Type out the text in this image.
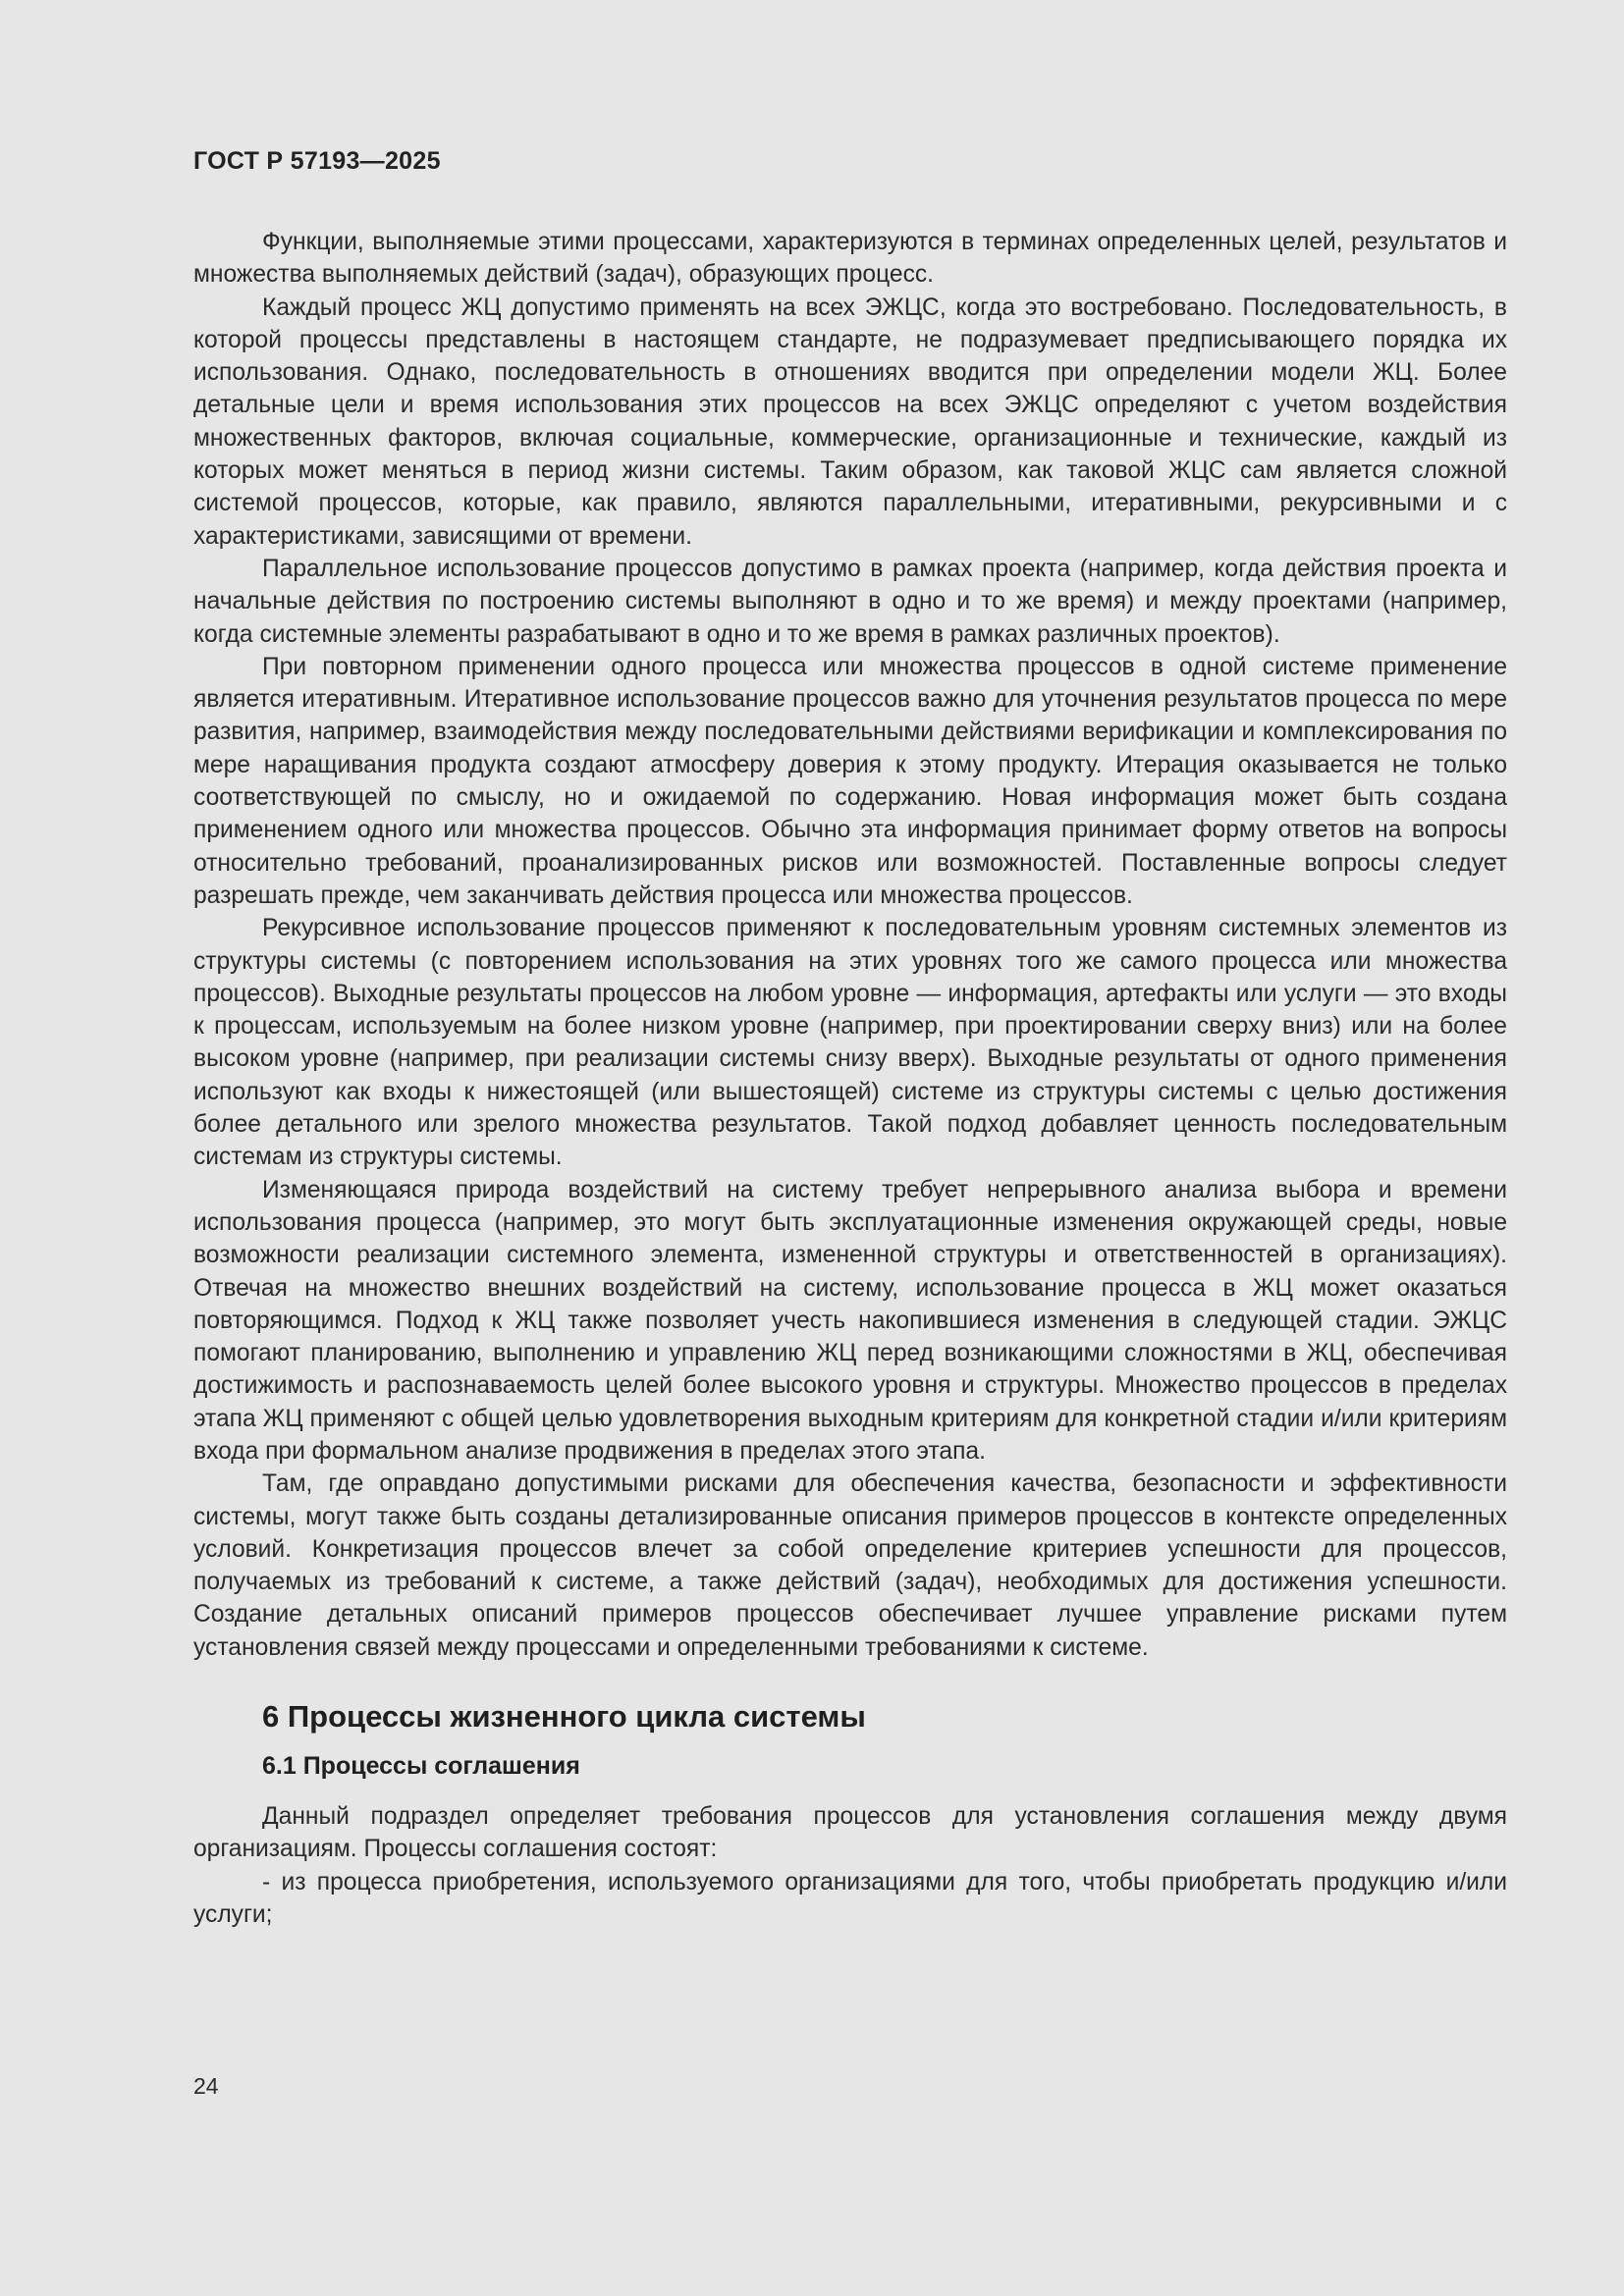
ГОСТ Р 57193—2025

Функции, выполняемые этими процессами, характеризуются в терминах определенных целей, результатов и множества выполняемых действий (задач), образующих процесс.

Каждый процесс ЖЦ допустимо применять на всех ЭЖЦС, когда это востребовано. Последовательность, в которой процессы представлены в настоящем стандарте, не подразумевает предписывающего порядка их использования. Однако, последовательность в отношениях вводится при определении модели ЖЦ. Более детальные цели и время использования этих процессов на всех ЭЖЦС определяют с учетом воздействия множественных факторов, включая социальные, коммерческие, организационные и технические, каждый из которых может меняться в период жизни системы. Таким образом, как таковой ЖЦС сам является сложной системой процессов, которые, как правило, являются параллельными, итеративными, рекурсивными и с характеристиками, зависящими от времени.

Параллельное использование процессов допустимо в рамках проекта (например, когда действия проекта и начальные действия по построению системы выполняют в одно и то же время) и между проектами (например, когда системные элементы разрабатывают в одно и то же время в рамках различных проектов).

При повторном применении одного процесса или множества процессов в одной системе применение является итеративным. Итеративное использование процессов важно для уточнения результатов процесса по мере развития, например, взаимодействия между последовательными действиями верификации и комплексирования по мере наращивания продукта создают атмосферу доверия к этому продукту. Итерация оказывается не только соответствующей по смыслу, но и ожидаемой по содержанию. Новая информация может быть создана применением одного или множества процессов. Обычно эта информация принимает форму ответов на вопросы относительно требований, проанализированных рисков или возможностей. Поставленные вопросы следует разрешать прежде, чем заканчивать действия процесса или множества процессов.

Рекурсивное использование процессов применяют к последовательным уровням системных элементов из структуры системы (с повторением использования на этих уровнях того же самого процесса или множества процессов). Выходные результаты процессов на любом уровне — информация, артефакты или услуги — это входы к процессам, используемым на более низком уровне (например, при проектировании сверху вниз) или на более высоком уровне (например, при реализации системы снизу вверх). Выходные результаты от одного применения используют как входы к нижестоящей (или вышестоящей) системе из структуры системы с целью достижения более детального или зрелого множества результатов. Такой подход добавляет ценность последовательным системам из структуры системы.

Изменяющаяся природа воздействий на систему требует непрерывного анализа выбора и времени использования процесса (например, это могут быть эксплуатационные изменения окружающей среды, новые возможности реализации системного элемента, измененной структуры и ответственностей в организациях). Отвечая на множество внешних воздействий на систему, использование процесса в ЖЦ может оказаться повторяющимся. Подход к ЖЦ также позволяет учесть накопившиеся изменения в следующей стадии. ЭЖЦС помогают планированию, выполнению и управлению ЖЦ перед возникающими сложностями в ЖЦ, обеспечивая достижимость и распознаваемость целей более высокого уровня и структуры. Множество процессов в пределах этапа ЖЦ применяют с общей целью удовлетворения выходным критериям для конкретной стадии и/или критериям входа при формальном анализе продвижения в пределах этого этапа.

Там, где оправдано допустимыми рисками для обеспечения качества, безопасности и эффективности системы, могут также быть созданы детализированные описания примеров процессов в контексте определенных условий. Конкретизация процессов влечет за собой определение критериев успешности для процессов, получаемых из требований к системе, а также действий (задач), необходимых для достижения успешности. Создание детальных описаний примеров процессов обеспечивает лучшее управление рисками путем установления связей между процессами и определенными требованиями к системе.

6 Процессы жизненного цикла системы
6.1 Процессы соглашения

Данный подраздел определяет требования процессов для установления соглашения между двумя организациям. Процессы соглашения состоят:

- из процесса приобретения, используемого организациями для того, чтобы приобретать продукцию и/или услуги;

24
